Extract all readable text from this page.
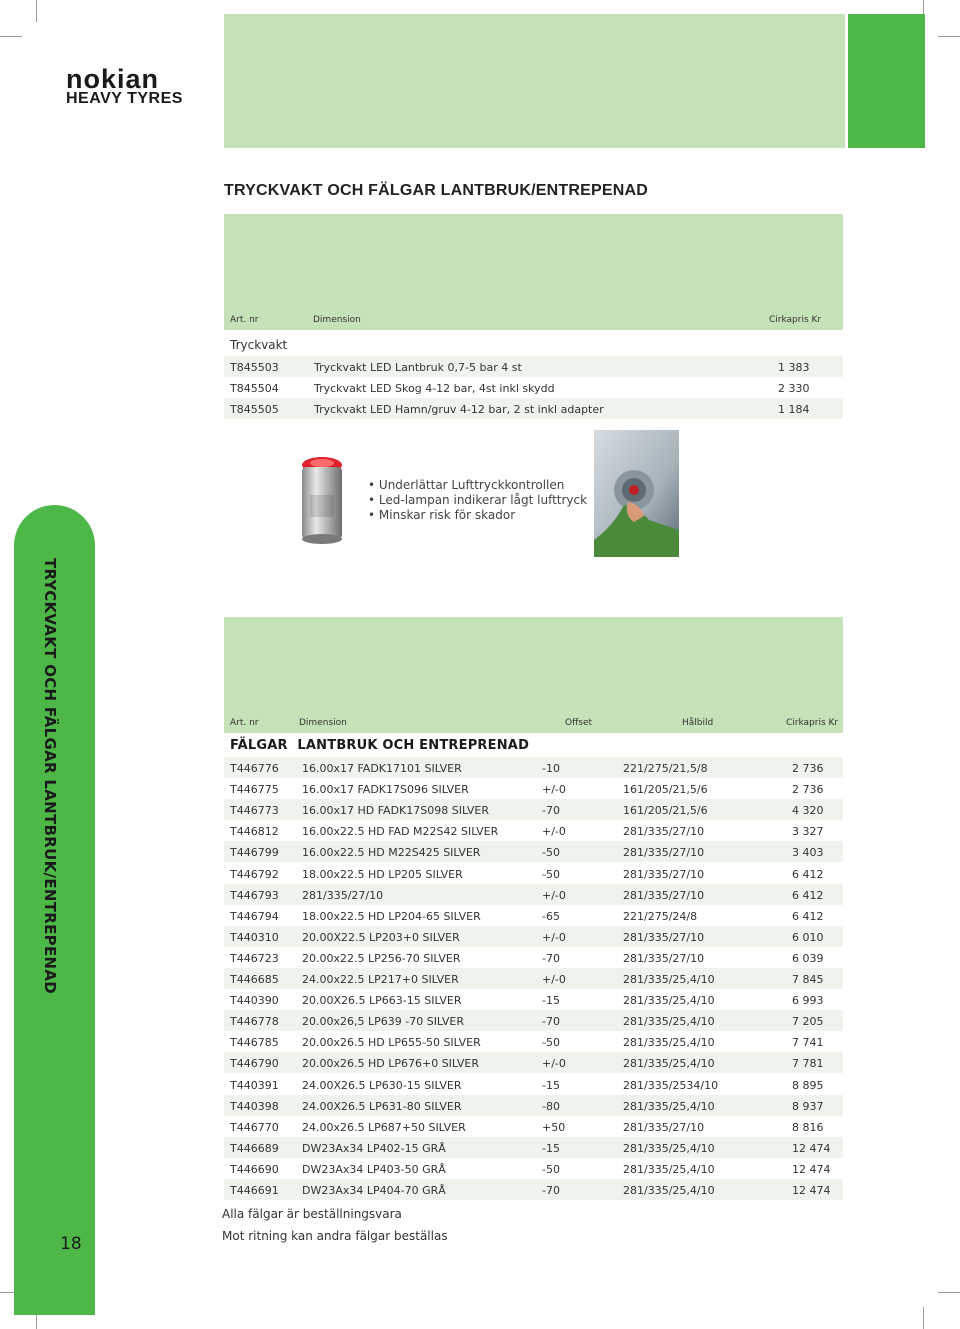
nokian
HEAVY TYRES
TRYCKVAKT OCH FÄLGAR LANTBRUK/ENTREPENAD
TRYCKVAKT OCH FÄLGAR LANTBRUK/ENTREPENAD
18
Art. nr	Dimension	Cirkapris Kr
Tryckvakt
T845503	Tryckvakt LED Lantbruk 0,7-5 bar 4 st	1 383
T845504	Tryckvakt LED Skog 4-12 bar, 4st inkl skydd	2 330
T845505	Tryckvakt LED Hamn/gruv 4-12 bar, 2 st inkl adapter	1 184
• Underlättar Lufttryckkontrollen
• Led-lampan indikerar lågt lufttryck
• Minskar risk för skador
Art. nr	Dimension	Offset	Hålbild	Cirkapris Kr
FÄLGAR LANTBRUK OCH ENTREPRENAD
T446776 16.00x17 FADK17101 SILVER	-10	221/275/21,5/8	2 736
T446775 16.00x17 FADK17S096 SILVER	+/-0	161/205/21,5/6	2 736
T446773 16.00x17 HD FADK17S098 SILVER	-70	161/205/21,5/6	4 320
T446812 16.00x22.5 HD FAD M22S42 SILVER	+/-0	281/335/27/10	3 327
T446799 16.00x22.5 HD M22S425 SILVER	-50	281/335/27/10	3 403
T446792 18.00x22.5 HD LP205 SILVER	-50	281/335/27/10	6 412
T446793 281/335/27/10	+/-0	281/335/27/10	6 412
T446794 18.00x22.5 HD LP204-65 SILVER	-65	221/275/24/8	6 412
T440310 20.00X22.5 LP203+0 SILVER	+/-0	281/335/27/10	6 010
T446723 20.00x22.5 LP256-70 SILVER	-70	281/335/27/10	6 039
T446685 24.00x22.5 LP217+0 SILVER	+/-0	281/335/25,4/10	7 845
T440390 20.00X26.5 LP663-15 SILVER	-15	281/335/25,4/10	6 993
T446778 20.00x26,5 LP639 -70 SILVER	-70	281/335/25,4/10	7 205
T446785 20.00x26.5 HD LP655-50 SILVER	-50	281/335/25,4/10	7 741
T446790 20.00x26.5 HD LP676+0 SILVER	+/-0	281/335/25,4/10	7 781
T440391 24.00X26.5 LP630-15 SILVER	-15	281/335/2534/10	8 895
T440398 24.00X26.5 LP631-80 SILVER	-80	281/335/25,4/10	8 937
T446770 24.00x26.5 LP687+50 SILVER	+50	281/335/27/10	8 816
T446689 DW23Ax34 LP402-15 GRÅ	-15	281/335/25,4/10	12 474
T446690 DW23Ax34 LP403-50 GRÅ	-50	281/335/25,4/10	12 474
T446691 DW23Ax34 LP404-70 GRÅ	-70	281/335/25,4/10	12 474
Alla fälgar är beställningsvara
Mot ritning kan andra fälgar beställas
